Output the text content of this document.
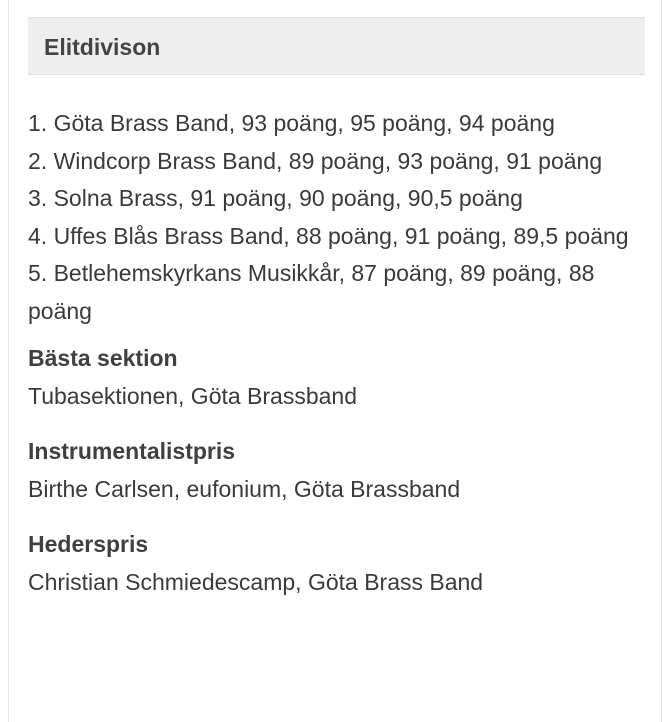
Elitdivison
1. Göta Brass Band, 93 poäng, 95 poäng, 94 poäng
2. Windcorp Brass Band, 89 poäng, 93 poäng, 91 poäng
3. Solna Brass, 91 poäng, 90 poäng, 90,5 poäng
4. Uffes Blås Brass Band, 88 poäng, 91 poäng, 89,5 poäng
5. Betlehemskyrkans Musikkår, 87 poäng, 89 poäng, 88 poäng
Bästa sektion
Tubasektionen, Göta Brassband
Instrumentalistpris
Birthe Carlsen, eufonium, Göta Brassband
Hederspris
Christian Schmiedescamp, Göta Brass Band
